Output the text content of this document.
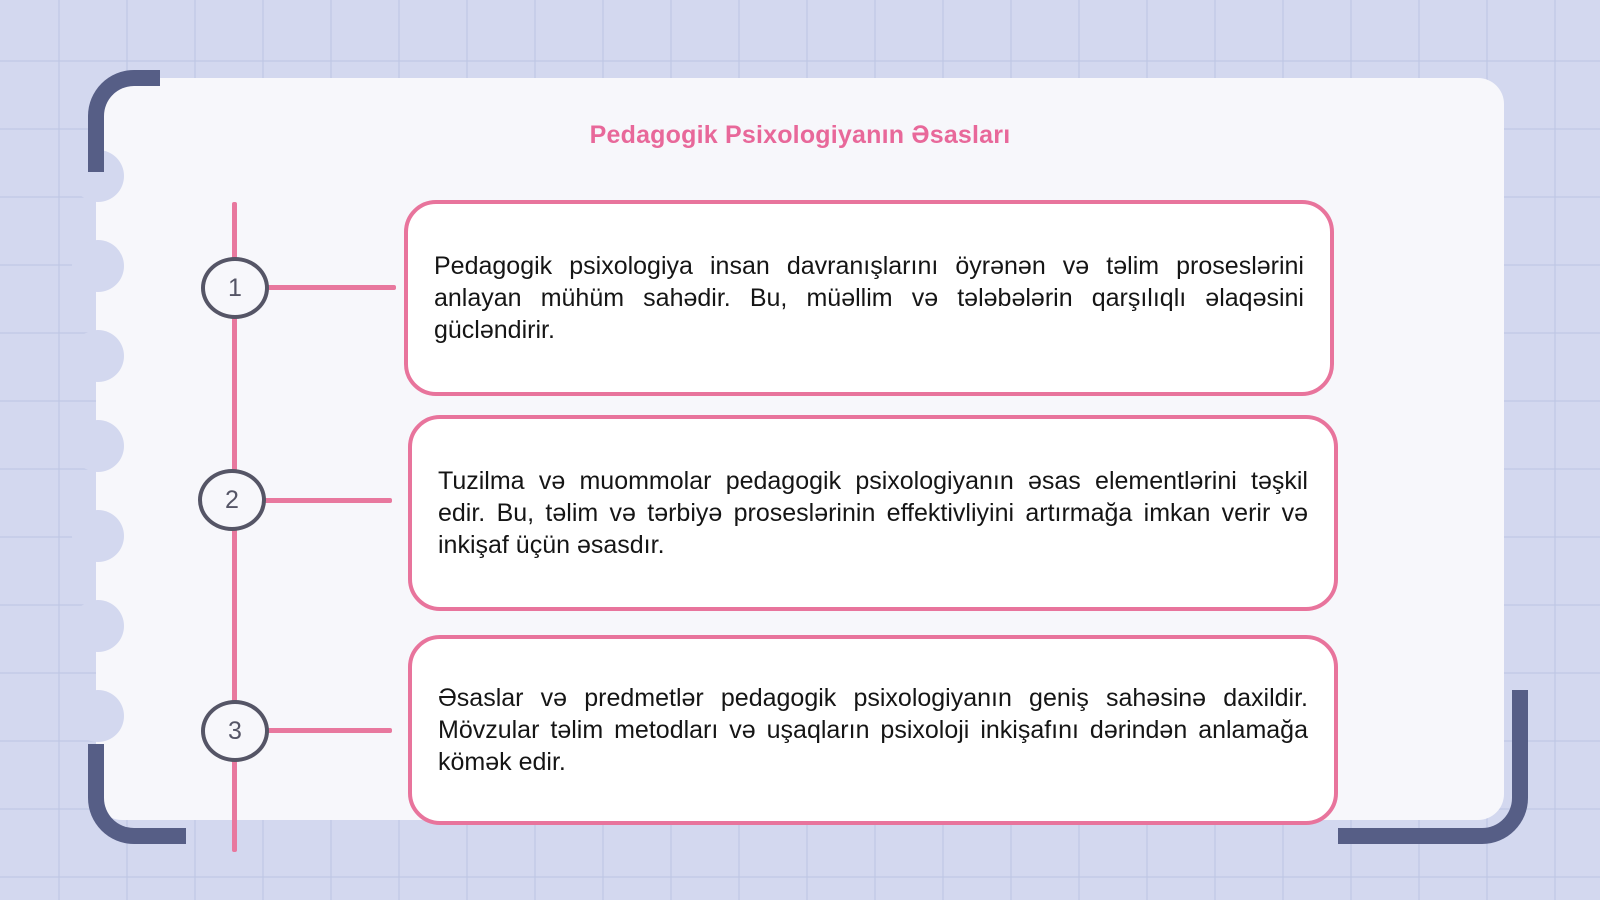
Pedagogik Psixologiyanın Əsasları
1
2
3

Pedagogik psixologiya insan davranışlarını öyrənən və təlim proseslərini anlayan mühüm sahədir. Bu, müəllim və tələbələrin qarşılıqlı əlaqəsini gücləndirir.

Tuzilma və muommolar pedagogik psixologiyanın əsas elementlərini təşkil edir. Bu, təlim və tərbiyə proseslərinin effektivliyini artırmağa imkan verir və inkişaf üçün əsasdır.

Əsaslar və predmetlər pedagogik psixologiyanın geniş sahəsinə daxildir. Mövzular təlim metodları və uşaqların psixoloji inkişafını dərindən anlamağa kömək edir.
